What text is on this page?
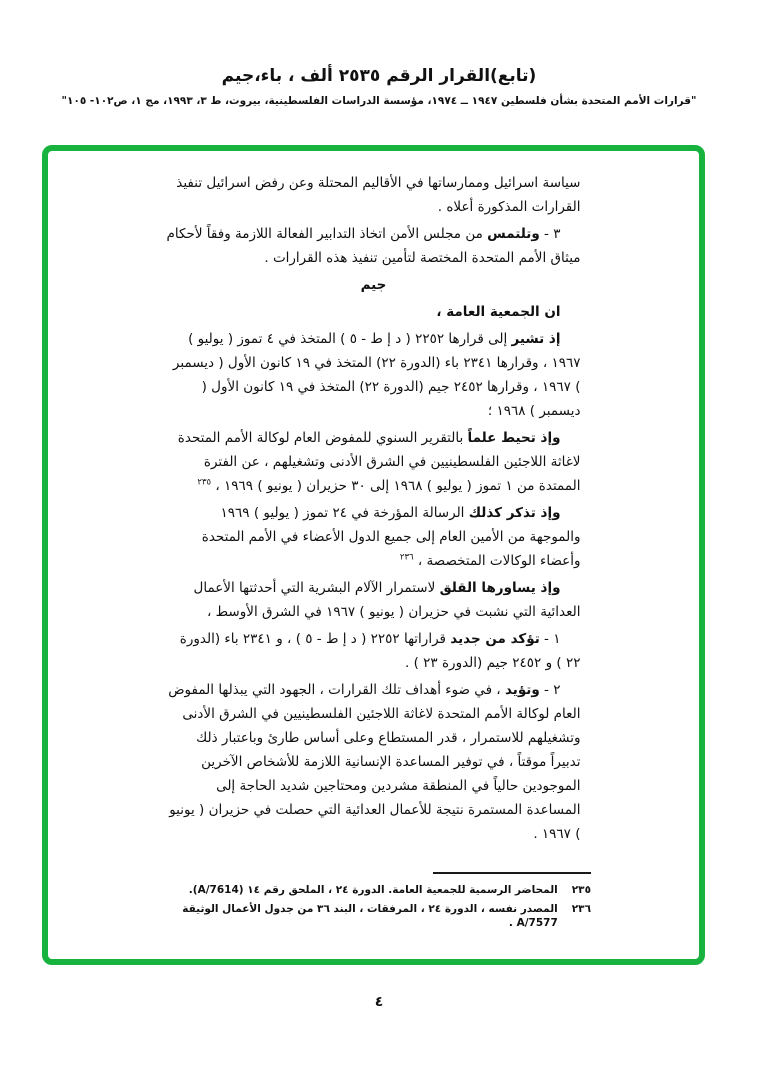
(تابع)القرار الرقم ٢٥٣٥ ألف ، باء،جيم
"قرارات الأمم المتحدة بشأن فلسطين ١٩٤٧ ــ ١٩٧٤، مؤسسة الدراسات الفلسطينية، بيروت، ط ٣، ١٩٩٣، مج ١، ص١٠٢- ١٠٥"
سياسة اسرائيل وممارساتها في الأقاليم المحتلة وعن رفض اسرائيل تنفيذ القرارات المذكورة أعلاه .
٣ - وتلتمس من مجلس الأمن اتخاذ التدابير الفعالة اللازمة وفقاً لأحكام ميثاق الأمم المتحدة المختصة لتأمين تنفيذ هذه القرارات .
جيم
ان الجمعية العامة ،
إذ تشير إلى قرارها ٢٢٥٢ ( د إ ط - ٥ ) المتخذ في ٤ تموز ( يوليو ) ١٩٦٧ ، وقرارها ٢٣٤١ باء (الدورة ٢٢) المتخذ في ١٩ كانون الأول ( ديسمبر ) ١٩٦٧ ، وقرارها ٢٤٥٢ جيم (الدورة ٢٢) المتخذ في ١٩ كانون الأول ( ديسمبر ) ١٩٦٨ ؛
وإذ تحيط علماً بالتقرير السنوي للمفوض العام لوكالة الأمم المتحدة لاغاثة اللاجئين الفلسطينيين في الشرق الأدنى وتشغيلهم ، عن الفترة الممتدة من ١ تموز ( يوليو ) ١٩٦٨ إلى ٣٠ حزيران ( يونيو ) ١٩٦٩ ، $^{٢٣٥}$
وإذ تذكر كذلك الرسالة المؤرخة في ٢٤ تموز ( يوليو ) ١٩٦٩ والموجهة من الأمين العام إلى جميع الدول الأعضاء في الأمم المتحدة وأعضاء الوكالات المتخصصة ، $^{٢٣٦}$
وإذ يساورها القلق لاستمرار الآلام البشرية التي أحدثتها الأعمال العدائية التي نشبت في حزيران ( يونيو ) ١٩٦٧ في الشرق الأوسط ،
١ - تؤكد من جديد قراراتها ٢٢٥٢ ( د إ ط - ٥ ) ، و ٢٣٤١ باء (الدورة ٢٢ ) و ٢٤٥٢ جيم (الدورة ٢٣ ) .
٢ - وتؤيد ، في ضوء أهداف تلك القرارات ، الجهود التي يبذلها المفوض العام لوكالة الأمم المتحدة لاغاثة اللاجئين الفلسطينيين في الشرق الأدنى وتشغيلهم للاستمرار ، قدر المستطاع وعلى أساس طارئ وباعتبار ذلك تدبيراً موقتاً ، في توفير المساعدة الإنسانية اللازمة للأشخاص الآخرين الموجودين حالياً في المنطقة مشردين ومحتاجين شديد الحاجة إلى المساعدة المستمرة نتيجة للأعمال العدائية التي حصلت في حزيران ( يونيو ) ١٩٦٧ .
٢٣٥
المحاضر الرسمية للجمعية العامة. الدورة ٢٤ ، الملحق رقم ١٤ (A/7614).
٢٣٦
المصدر نفسه ، الدورة ٢٤ ، المرفقات ، البند ٣٦ من جدول الأعمال الوثيقة A/7577 .
٤
